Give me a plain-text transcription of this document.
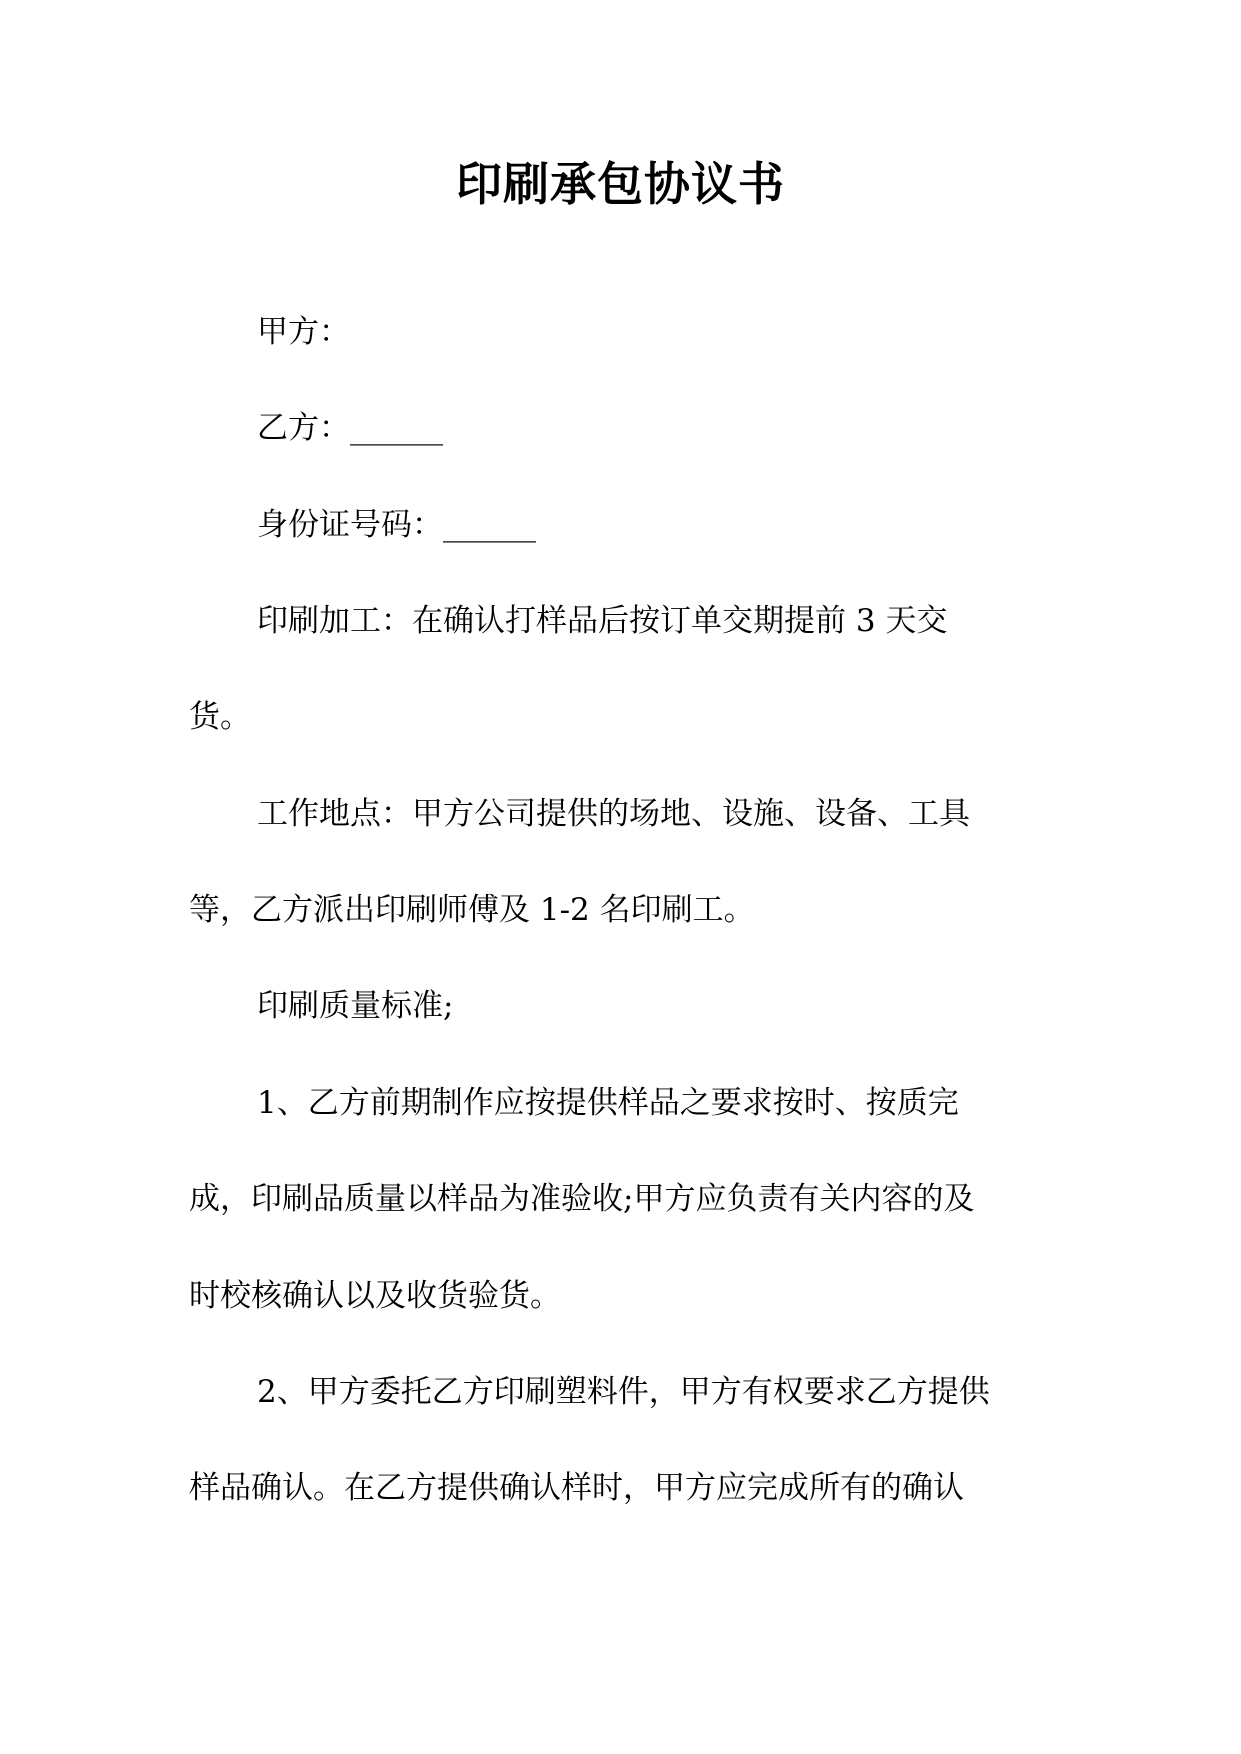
印刷承包协议书

甲方：

乙方：______

身份证号码：______

印刷加工：在确认打样品后按订单交期提前 3 天交

货。

工作地点：甲方公司提供的场地、设施、设备、工具

等，乙方派出印刷师傅及 1-2 名印刷工。

印刷质量标准;

1、乙方前期制作应按提供样品之要求按时、按质完

成，印刷品质量以样品为准验收;甲方应负责有关内容的及

时校核确认以及收货验货。

2、甲方委托乙方印刷塑料件，甲方有权要求乙方提供

样品确认。在乙方提供确认样时，甲方应完成所有的确认
